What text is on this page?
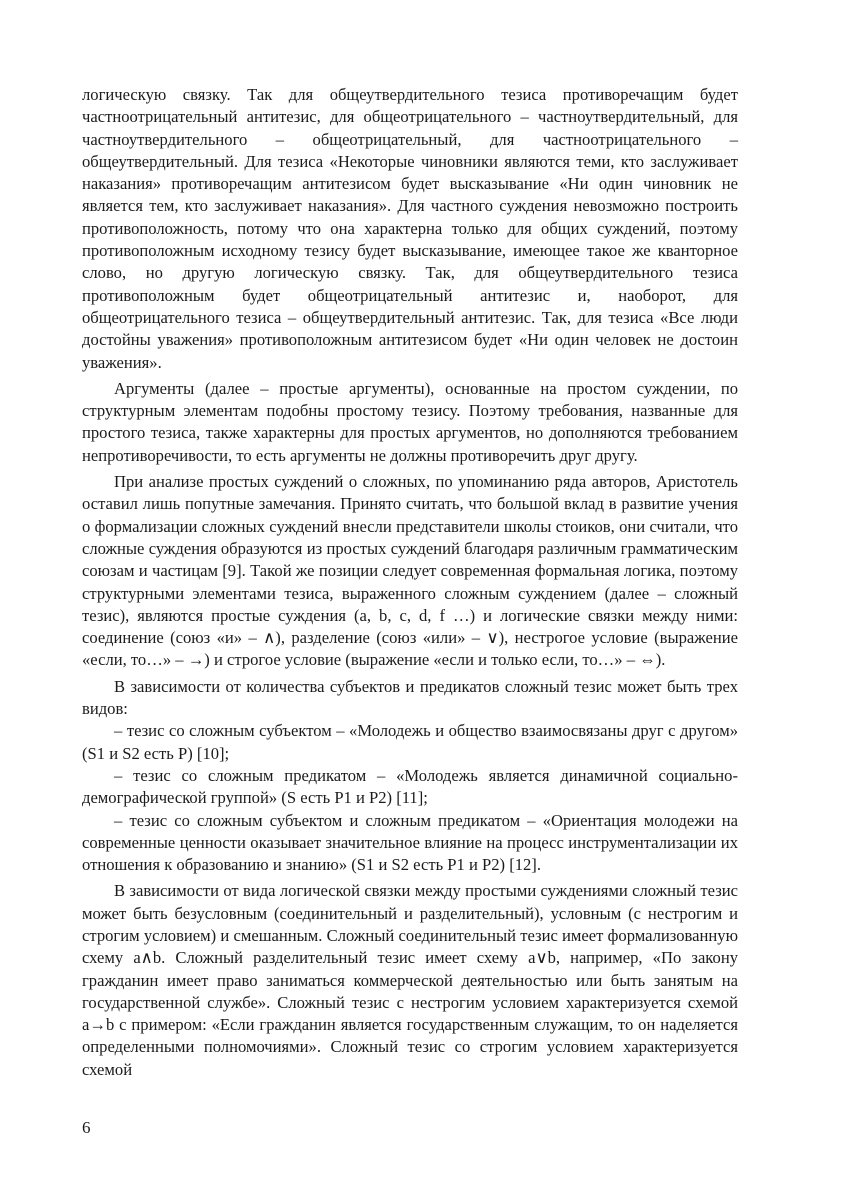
логическую связку. Так для общеутвердительного тезиса противоречащим будет частноотрицательный антитезис, для общеотрицательного – частноутвердительный, для частноутвердительного – общеотрицательный, для частноотрицательного – общеутвердительный. Для тезиса «Некоторые чиновники являются теми, кто заслуживает наказания» противоречащим антитезисом будет высказывание «Ни один чиновник не является тем, кто заслуживает наказания». Для частного суждения невозможно построить противоположность, потому что она характерна только для общих суждений, поэтому противоположным исходному тезису будет высказывание, имеющее такое же кванторное слово, но другую логическую связку. Так, для общеутвердительного тезиса противоположным будет общеотрицательный антитезис и, наоборот, для общеотрицательного тезиса – общеутвердительный антитезис. Так, для тезиса «Все люди достойны уважения» противоположным антитезисом будет «Ни один человек не достоин уважения».

Аргументы (далее – простые аргументы), основанные на простом суждении, по структурным элементам подобны простому тезису. Поэтому требования, названные для простого тезиса, также характерны для простых аргументов, но дополняются требованием непротиворечивости, то есть аргументы не должны противоречить друг другу.

При анализе простых суждений о сложных, по упоминанию ряда авторов, Аристотель оставил лишь попутные замечания. Принято считать, что большой вклад в развитие учения о формализации сложных суждений внесли представители школы стоиков, они считали, что сложные суждения образуются из простых суждений благодаря различным грамматическим союзам и частицам [9]. Такой же позиции следует современная формальная логика, поэтому структурными элементами тезиса, выраженного сложным суждением (далее – сложный тезис), являются простые суждения (a, b, c, d, f …) и логические связки между ними: соединение (союз «и» – ∧), разделение (союз «или» – ∨), нестрогое условие (выражение «если, то…» – →) и строгое условие (выражение «если и только если, то…» – ⇔).

В зависимости от количества субъектов и предикатов сложный тезис может быть трех видов:

– тезис со сложным субъектом – «Молодежь и общество взаимосвязаны друг с другом» (S1 и S2 есть P) [10];

– тезис со сложным предикатом – «Молодежь является динамичной социально-демографической группой» (S есть P1 и P2) [11];

– тезис со сложным субъектом и сложным предикатом – «Ориентация молодежи на современные ценности оказывает значительное влияние на процесс инструментализации их отношения к образованию и знанию» (S1 и S2 есть P1 и P2) [12].

В зависимости от вида логической связки между простыми суждениями сложный тезис может быть безусловным (соединительный и разделительный), условным (с нестрогим и строгим условием) и смешанным. Сложный соединительный тезис имеет формализованную схему a∧b. Сложный разделительный тезис имеет схему a∨b, например, «По закону гражданин имеет право заниматься коммерческой деятельностью или быть занятым на государственной службе». Сложный тезис с нестрогим условием характеризуется схемой a→b с примером: «Если гражданин является государственным служащим, то он наделяется определенными полномочиями». Сложный тезис со строгим условием характеризуется схемой

6
